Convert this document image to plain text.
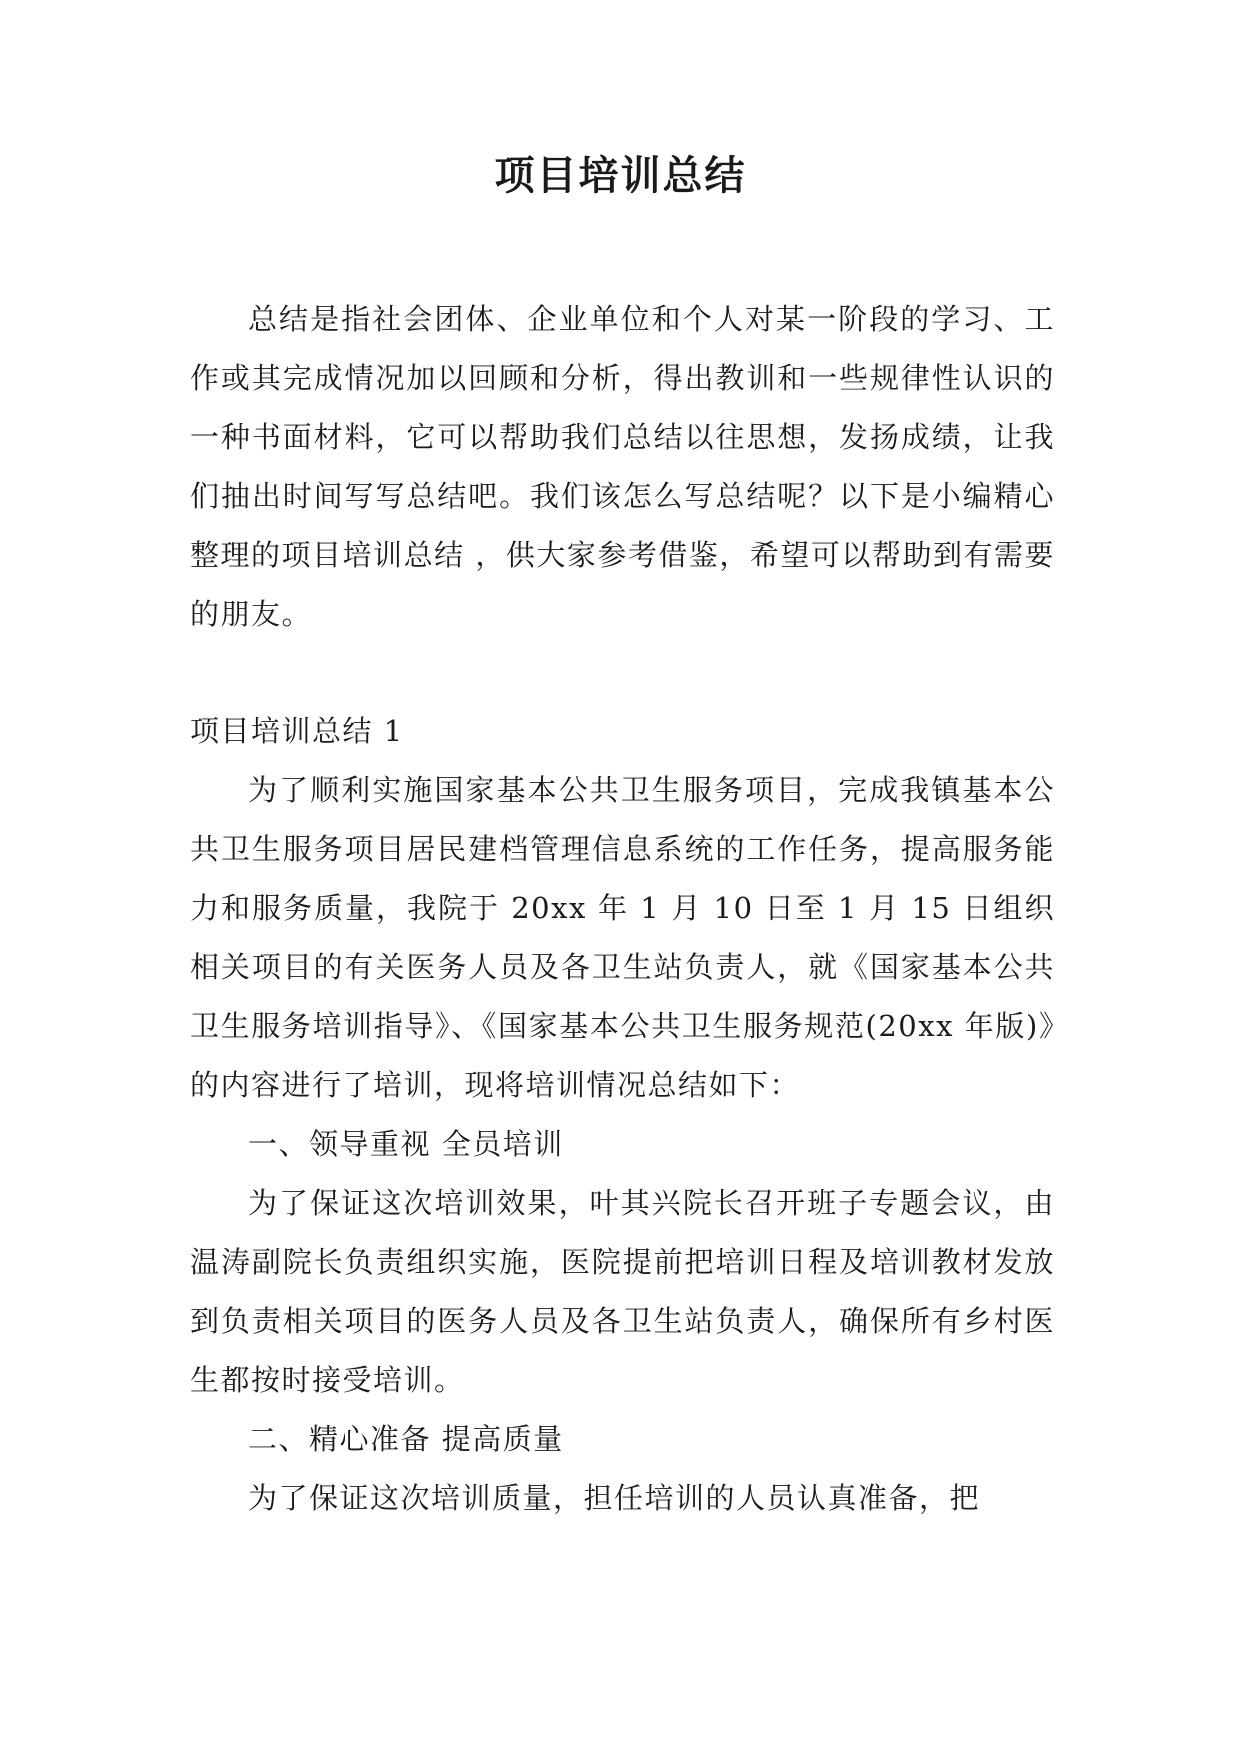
项目培训总结

总结是指社会团体、企业单位和个人对某一阶段的学习、工作或其完成情况加以回顾和分析，得出教训和一些规律性认识的一种书面材料，它可以帮助我们总结以往思想，发扬成绩，让我们抽出时间写写总结吧。我们该怎么写总结呢？以下是小编精心整理的项目培训总结 ，供大家参考借鉴，希望可以帮助到有需要的朋友。

项目培训总结 1

为了顺利实施国家基本公共卫生服务项目，完成我镇基本公共卫生服务项目居民建档管理信息系统的工作任务，提高服务能力和服务质量，我院于 20xx 年 1 月 10 日至 1 月 15 日组织相关项目的有关医务人员及各卫生站负责人，就《国家基本公共卫生服务培训指导》、《国家基本公共卫生服务规范(20xx 年版)》的内容进行了培训，现将培训情况总结如下：

一、领导重视 全员培训

为了保证这次培训效果，叶其兴院长召开班子专题会议，由温涛副院长负责组织实施，医院提前把培训日程及培训教材发放到负责相关项目的医务人员及各卫生站负责人，确保所有乡村医生都按时接受培训。

二、精心准备 提高质量

为了保证这次培训质量，担任培训的人员认真准备，把
